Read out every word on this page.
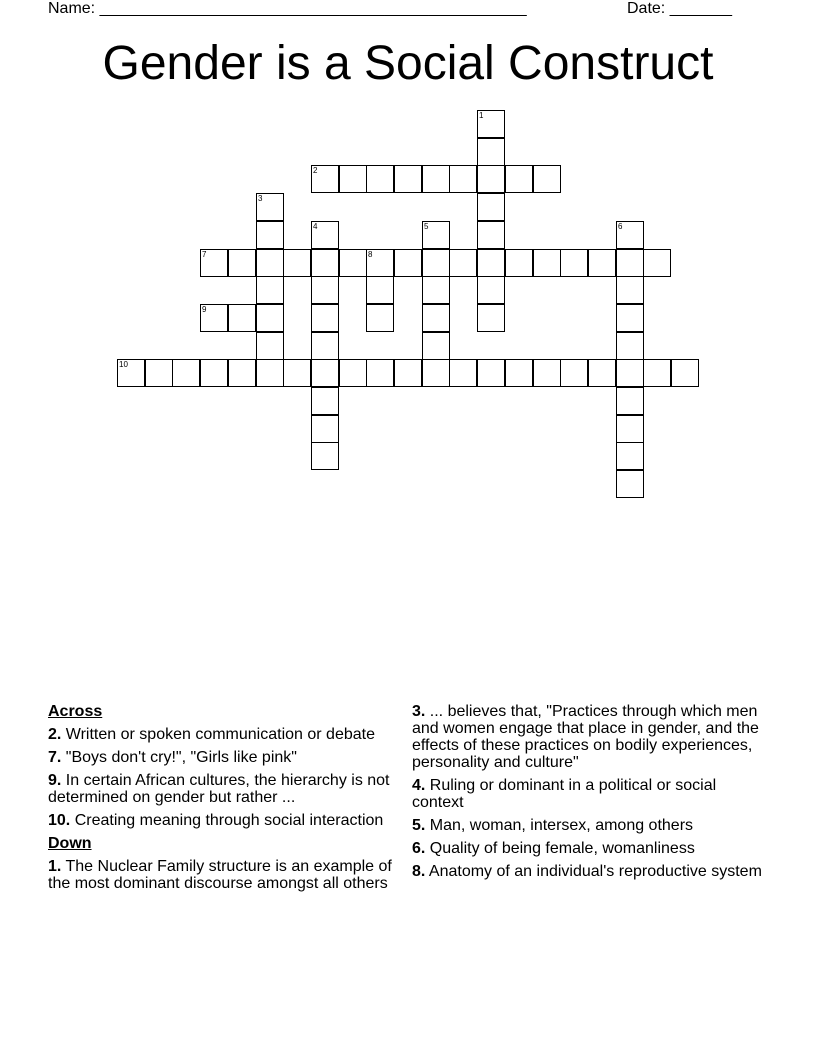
Name: ________________________________________________	Date: _______
Gender is a Social Construct
1
2
3
4	5	6
7	8
9
10
Across
2. Written or spoken communication or debate
7. "Boys don't cry!", "Girls like pink"
9. In certain African cultures, the hierarchy is not determined on gender but rather ...
10. Creating meaning through social interaction
Down
1. The Nuclear Family structure is an example of the most dominant discourse amongst all others
3. ... believes that, "Practices through which men and women engage that place in gender, and the effects of these practices on bodily experiences, personality and culture"
4. Ruling or dominant in a political or social context
5. Man, woman, intersex, among others
6. Quality of being female, womanliness
8. Anatomy of an individual's reproductive system
